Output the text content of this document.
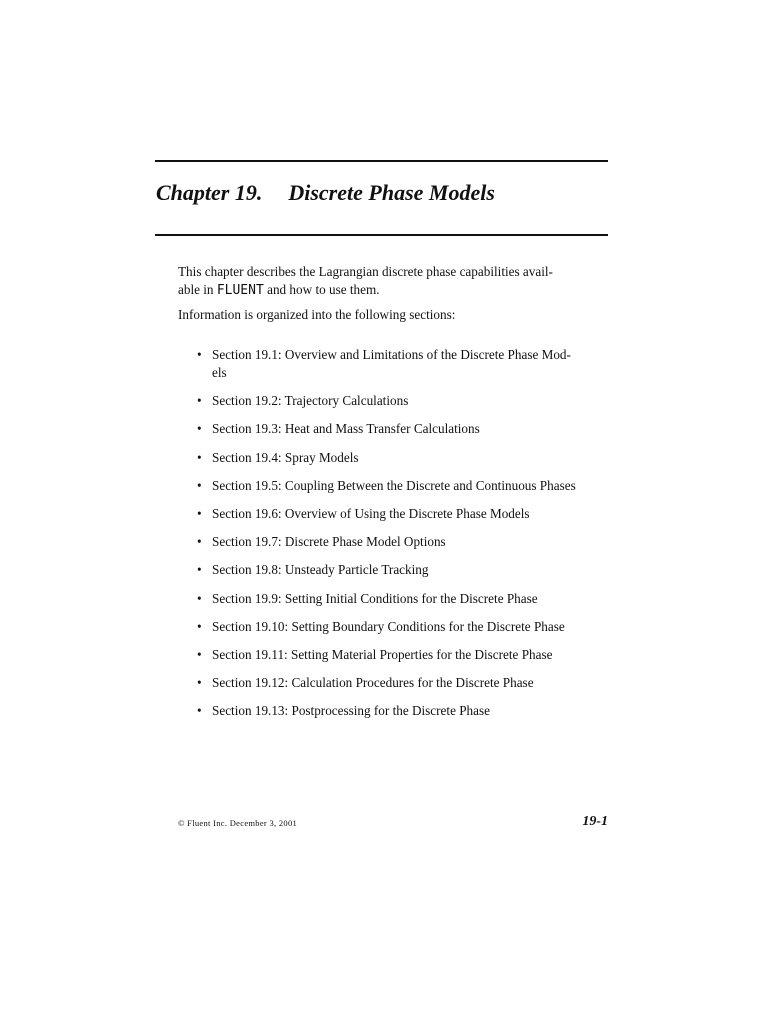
Chapter 19. Discrete Phase Models

This chapter describes the Lagrangian discrete phase capabilities avail-
able in FLUENT and how to use them.

Information is organized into the following sections:

• Section 19.1: Overview and Limitations of the Discrete Phase Mod-
els
• Section 19.2: Trajectory Calculations
• Section 19.3: Heat and Mass Transfer Calculations
• Section 19.4: Spray Models
• Section 19.5: Coupling Between the Discrete and Continuous Phases
• Section 19.6: Overview of Using the Discrete Phase Models
• Section 19.7: Discrete Phase Model Options
• Section 19.8: Unsteady Particle Tracking
• Section 19.9: Setting Initial Conditions for the Discrete Phase
• Section 19.10: Setting Boundary Conditions for the Discrete Phase
• Section 19.11: Setting Material Properties for the Discrete Phase
• Section 19.12: Calculation Procedures for the Discrete Phase
• Section 19.13: Postprocessing for the Discrete Phase
© Fluent Inc. December 3, 2001	19-1
